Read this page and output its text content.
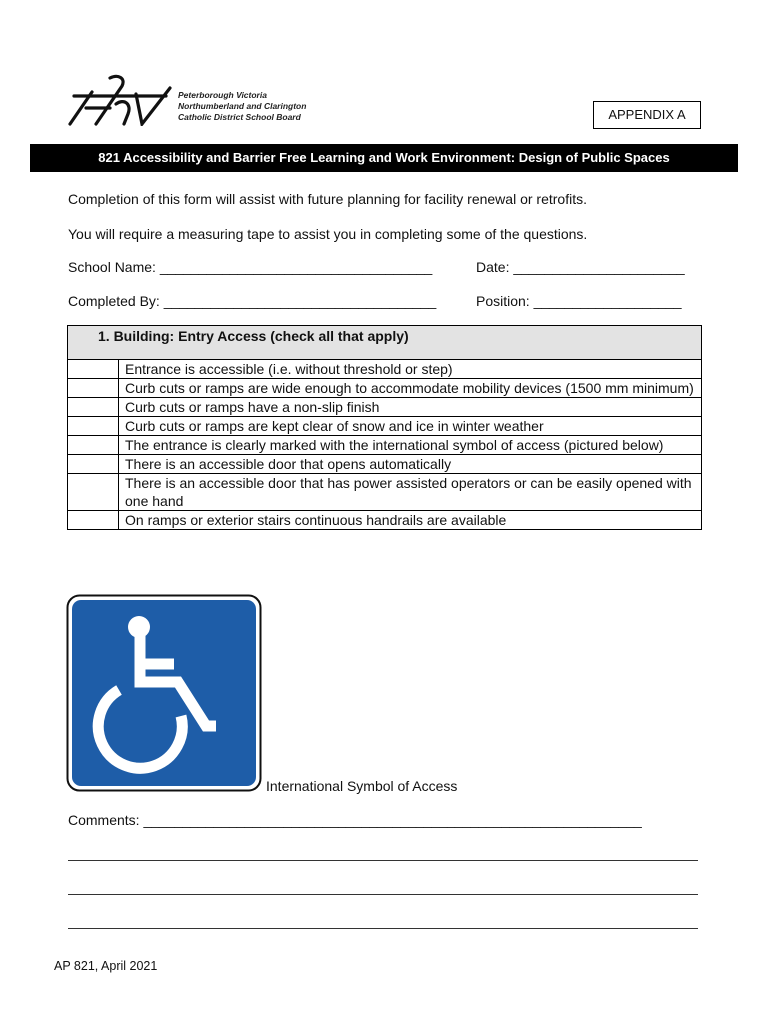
Peterborough Victoria
Northumberland and Clarington
Catholic District School Board	APPENDIX A
821 Accessibility and Barrier Free Learning and Work Environment: Design of Public Spaces
Completion of this form will assist with future planning for facility renewal or retrofits.
You will require a measuring tape to assist you in completing some of the questions.
School Name: ___________________________________	Date: ______________________
Completed By: ___________________________________	Position: ___________________
1. Building: Entry Access (check all that apply)	
	Entrance is accessible (i.e. without threshold or step)
	Curb cuts or ramps are wide enough to accommodate mobility devices (1500 mm minimum)
	Curb cuts or ramps have a non-slip finish
	Curb cuts or ramps are kept clear of snow and ice in winter weather
	The entrance is clearly marked with the international symbol of access (pictured below)
	There is an accessible door that opens automatically
	There is an accessible door that has power assisted operators or can be easily opened with one hand
	On ramps or exterior stairs continuous handrails are available
International Symbol of Access
Comments: ________________________________________________________________
AP 821, April 2021
